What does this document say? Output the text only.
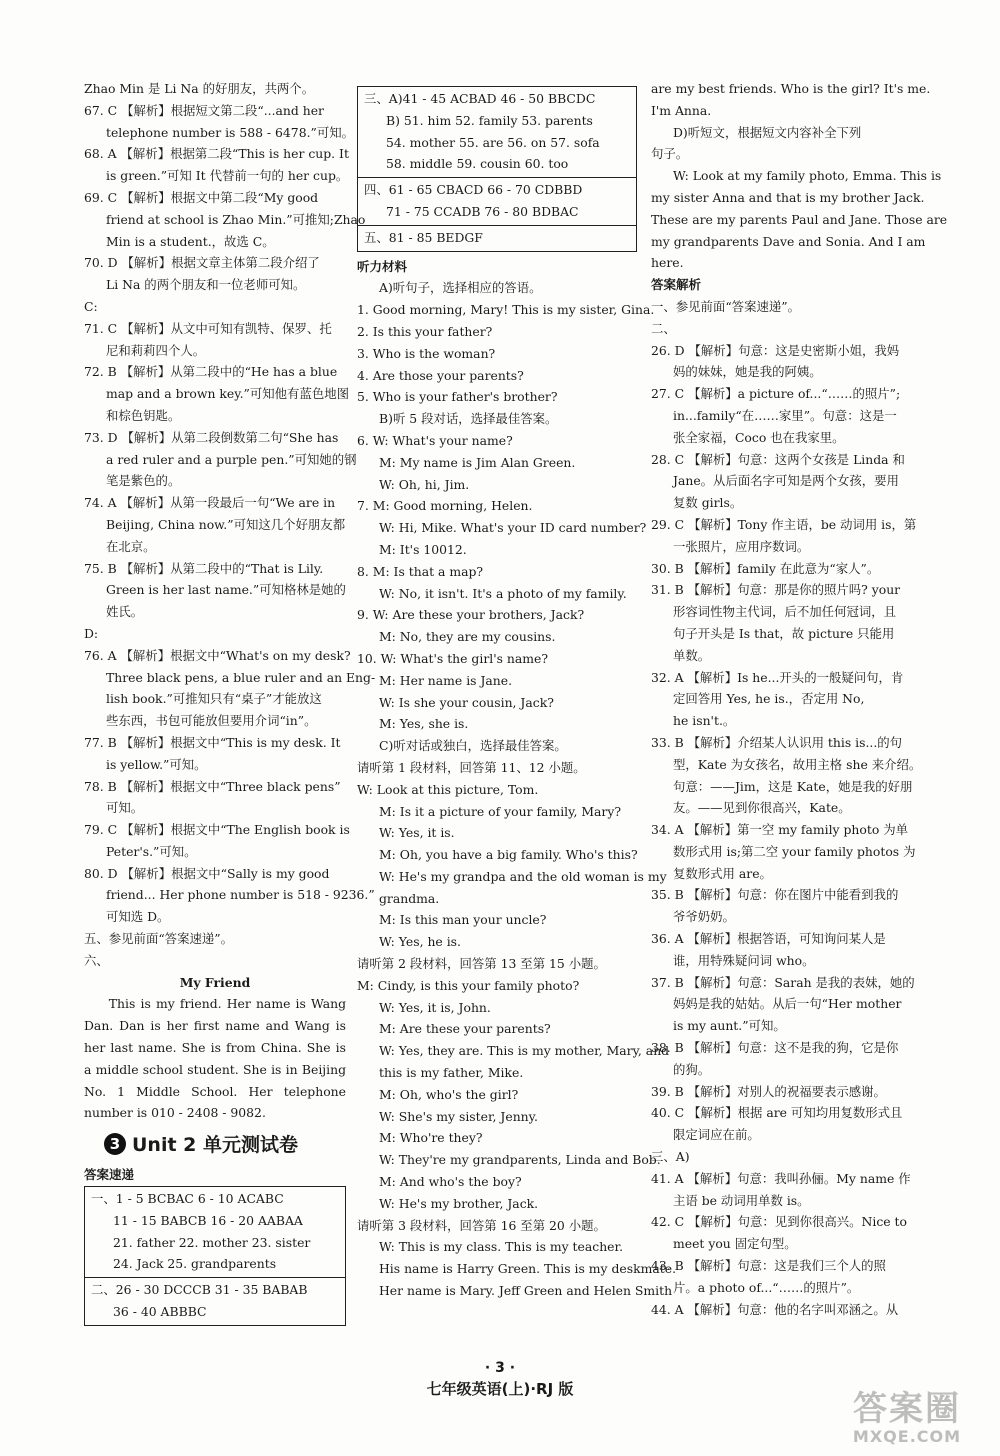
Zhao Min 是 Li Na 的好朋友，共两个。
67. C 【解析】根据短文第二段“...and her
telephone number is 588 - 6478.”可知。
68. A 【解析】根据第二段“This is her cup. It
is green.”可知 It 代替前一句的 her cup。
69. C 【解析】根据文中第二段“My good
friend at school is Zhao Min.”可推知;Zhao
Min is a student.，故选 C。
70. D 【解析】根据文章主体第二段介绍了
Li Na 的两个朋友和一位老师可知。
C:
71. C 【解析】从文中可知有凯特、保罗、托
尼和莉莉四个人。
72. B 【解析】从第二段中的“He has a blue
map and a brown key.”可知他有蓝色地图
和棕色钥匙。
73. D 【解析】从第二段倒数第二句“She has
a red ruler and a purple pen.”可知她的钢
笔是紫色的。
74. A 【解析】从第一段最后一句“We are in
Beijing, China now.”可知这几个好朋友都
在北京。
75. B 【解析】从第二段中的“That is Lily.
Green is her last name.”可知格林是她的
姓氏。
D:
76. A 【解析】根据文中“What's on my desk?
Three black pens, a blue ruler and an Eng-
lish book.”可推知只有“桌子”才能放这
些东西，书包可能放但要用介词“in”。
77. B 【解析】根据文中“This is my desk. It
is yellow.”可知。
78. B 【解析】根据文中“Three black pens”
可知。
79. C 【解析】根据文中“The English book is
Peter's.”可知。
80. D 【解析】根据文中“Sally is my good
friend... Her phone number is 518 - 9236.”
可知选 D。
五、参见前面“答案速递”。
六、
My Friend
This is my friend. Her name is Wang Dan. Dan is her first name and Wang is her last name. She is from China. She is a middle school student. She is in Beijing No. 1 Middle School. Her telephone number is 010 - 2408 - 9082.
3 Unit 2 单元测试卷
答案速递
一、1 - 5 BCBAC 6 - 10 ACABC
11 - 15 BABCB 16 - 20 AABAA
21. father 22. mother 23. sister
24. Jack 25. grandparents
二、26 - 30 DCCCB 31 - 35 BABAB
36 - 40 ABBBC
三、A)41 - 45 ACBAD 46 - 50 BBCDC
B) 51. him 52. family 53. parents
54. mother 55. are 56. on 57. sofa
58. middle 59. cousin 60. too
四、61 - 65 CBACD 66 - 70 CDBBD
71 - 75 CCADB 76 - 80 BDBAC
五、81 - 85 BEDGF
听力材料
A)听句子，选择相应的答语。
1. Good morning, Mary! This is my sister, Gina.
2. Is this your father?
3. Who is the woman?
4. Are those your parents?
5. Who is your father's brother?
B)听 5 段对话，选择最佳答案。
6. W: What's your name?
M: My name is Jim Alan Green.
W: Oh, hi, Jim.
7. M: Good morning, Helen.
W: Hi, Mike. What's your ID card number?
M: It's 10012.
8. M: Is that a map?
W: No, it isn't. It's a photo of my family.
9. W: Are these your brothers, Jack?
M: No, they are my cousins.
10. W: What's the girl's name?
M: Her name is Jane.
W: Is she your cousin, Jack?
M: Yes, she is.
C)听对话或独白，选择最佳答案。
请听第 1 段材料，回答第 11、12 小题。
W: Look at this picture, Tom.
M: Is it a picture of your family, Mary?
W: Yes, it is.
M: Oh, you have a big family. Who's this?
W: He's my grandpa and the old woman is my
grandma.
M: Is this man your uncle?
W: Yes, he is.
请听第 2 段材料，回答第 13 至第 15 小题。
M: Cindy, is this your family photo?
W: Yes, it is, John.
M: Are these your parents?
W: Yes, they are. This is my mother, Mary, and
this is my father, Mike.
M: Oh, who's the girl?
W: She's my sister, Jenny.
M: Who're they?
W: They're my grandparents, Linda and Bob.
M: And who's the boy?
W: He's my brother, Jack.
请听第 3 段材料，回答第 16 至第 20 小题。
W: This is my class. This is my teacher.
His name is Harry Green. This is my deskmate.
Her name is Mary. Jeff Green and Helen Smith
are my best friends. Who is the girl? It's me.
I'm Anna.
D)听短文，根据短文内容补全下列
句子。
W: Look at my family photo, Emma. This is
my sister Anna and that is my brother Jack.
These are my parents Paul and Jane. Those are
my grandparents Dave and Sonia. And I am
here.
答案解析
一、参见前面“答案速递”。
二、
26. D 【解析】句意：这是史密斯小姐，我妈
妈的妹妹，她是我的阿姨。
27. C 【解析】a picture of...“……的照片”;
in...family“在……家里”。句意：这是一
张全家福，Coco 也在我家里。
28. C 【解析】句意：这两个女孩是 Linda 和
Jane。从后面名字可知是两个女孩，要用
复数 girls。
29. C 【解析】Tony 作主语，be 动词用 is，第
一张照片，应用序数词。
30. B 【解析】family 在此意为“家人”。
31. B 【解析】句意：那是你的照片吗? your
形容词性物主代词，后不加任何冠词，且
句子开头是 Is that，故 picture 只能用
单数。
32. A 【解析】Is he...开头的一般疑问句，肯
定回答用 Yes, he is.，否定用 No,
he isn't.。
33. B 【解析】介绍某人认识用 this is...的句
型，Kate 为女孩名，故用主格 she 来介绍。
句意：——Jim，这是 Kate，她是我的好朋
友。——见到你很高兴，Kate。
34. A 【解析】第一空 my family photo 为单
数形式用 is;第二空 your family photos 为
复数形式用 are。
35. B 【解析】句意：你在图片中能看到我的
爷爷奶奶。
36. A 【解析】根据答语，可知询问某人是
谁，用特殊疑问词 who。
37. B 【解析】句意：Sarah 是我的表妹，她的
妈妈是我的姑姑。从后一句“Her mother
is my aunt.”可知。
38. B 【解析】句意：这不是我的狗，它是你
的狗。
39. B 【解析】对别人的祝福要表示感谢。
40. C 【解析】根据 are 可知均用复数形式且
限定词应在前。
三、A)
41. A 【解析】句意：我叫孙俪。My name 作
主语 be 动词用单数 is。
42. C 【解析】句意：见到你很高兴。Nice to
meet you 固定句型。
43. B 【解析】句意：这是我们三个人的照
片。a photo of...“……的照片”。
44. A 【解析】句意：他的名字叫邓涵之。从
· 3 ·
七年级英语(上)·RJ 版	答案圈
MXQE.COM
